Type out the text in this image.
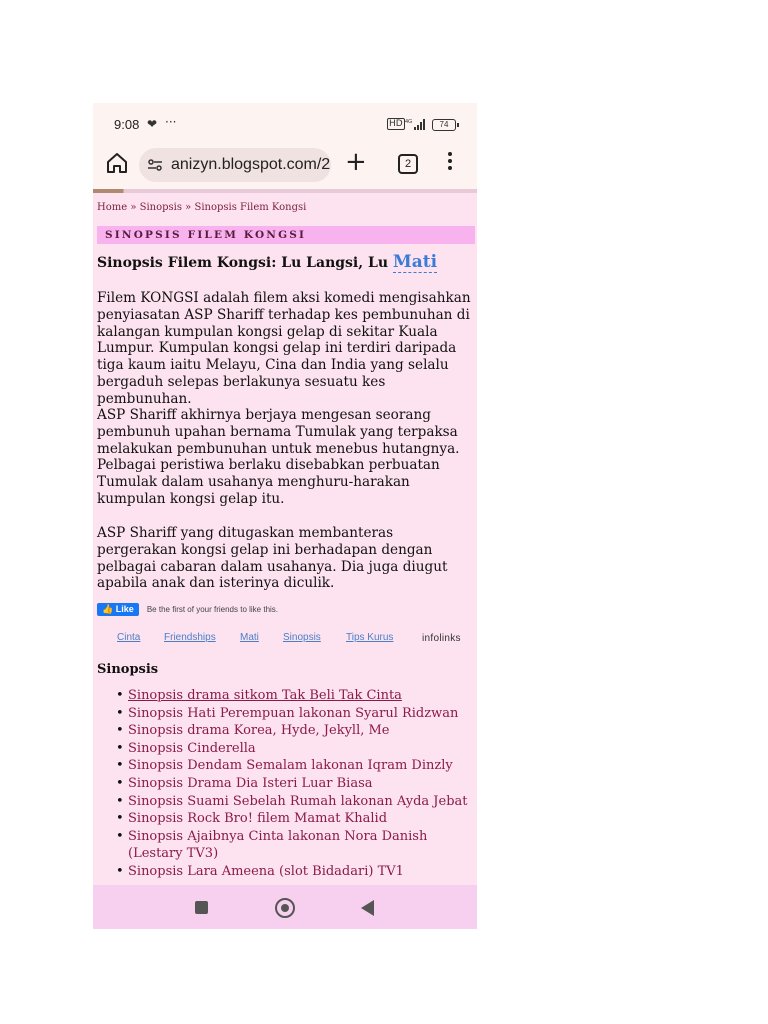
9:08 ❤ ···	HD 4G	74
anizyn.blogspot.com/2 +	2
Home » Sinopsis » Sinopsis Filem Kongsi
SINOPSIS FILEM KONGSI
Sinopsis Filem Kongsi: Lu Langsi, Lu Mati

Filem KONGSI adalah filem aksi komedi mengisahkan penyiasatan ASP Shariff terhadap kes pembunuhan di kalangan kumpulan kongsi gelap di sekitar Kuala Lumpur. Kumpulan kongsi gelap ini terdiri daripada tiga kaum iaitu Melayu, Cina dan India yang selalu bergaduh selepas berlakunya sesuatu kes pembunuhan.

ASP Shariff akhirnya berjaya mengesan seorang pembunuh upahan bernama Tumulak yang terpaksa melakukan pembunuhan untuk menebus hutangnya. Pelbagai peristiwa berlaku disebabkan perbuatan Tumulak dalam usahanya menghuru-harakan kumpulan kongsi gelap itu.

ASP Shariff yang ditugaskan membanteras pergerakan kongsi gelap ini berhadapan dengan pelbagai cabaran dalam usahanya. Dia juga diugut apabila anak dan isterinya diculik.

👍 Like Be the first of your friends to like this.
Cinta Friendships Mati Sinopsis	Tips Kurus	infolinks
Sinopsis
• Sinopsis drama sitkom Tak Beli Tak Cinta
• Sinopsis Hati Perempuan lakonan Syarul Ridzwan
• Sinopsis drama Korea, Hyde, Jekyll, Me
• Sinopsis Cinderella
• Sinopsis Dendam Semalam lakonan Iqram Dinzly
• Sinopsis Drama Dia Isteri Luar Biasa
• Sinopsis Suami Sebelah Rumah lakonan Ayda Jebat
• Sinopsis Rock Bro! filem Mamat Khalid
• Sinopsis Ajaibnya Cinta lakonan Nora Danish (Lestary TV3)
• Sinopsis Lara Ameena (slot Bidadari) TV1
